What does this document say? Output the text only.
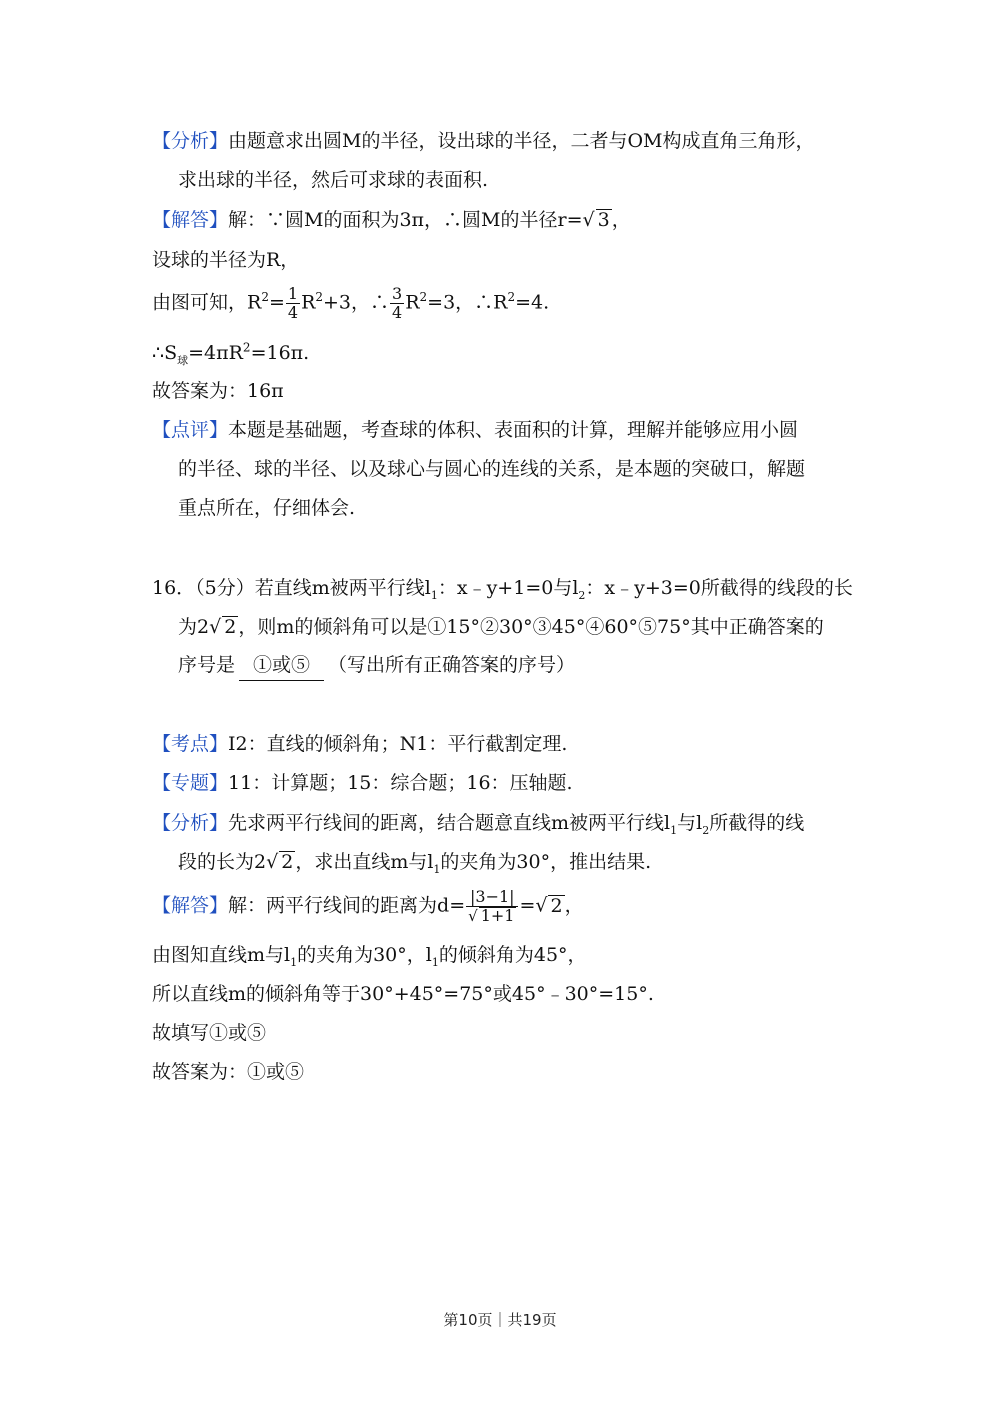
【分析】由题意求出圆M的半径，设出球的半径，二者与OM构成直角三角形，
求出球的半径，然后可求球的表面积.
【解答】解：∵圆M的面积为3π，∴圆M的半径r=√ 3 ，
设球的半径为R，
由图可知，$R^2= \frac{1}{4} R^2+3$，∴ $\frac{3}{4} R^2=3$，$\therefore R^2=4$.
$\therefore S_球=4\pi R^2=16\pi$.
故答案为：16π
【点评】本题是基础题，考查球的体积、表面积的计算，理解并能够应用小圆
的半径、球的半径、以及球心与圆心的连线的关系，是本题的突破口，解题
重点所在，仔细体会.
16．（5分）若直线m被两平行线$l_1$：x﹣y+1=0与$l_2$：x﹣y+3=0所截得的线段的长
为2√ 2 ，则m的倾斜角可以是①15°②30°③45°④60°⑤75°其中正确答案的
序号是 ①或⑤ （写出所有正确答案的序号）
【考点】I2：直线的倾斜角；N1：平行截割定理.
【专题】11：计算题；15：综合题；16：压轴题.
【分析】先求两平行线间的距离，结合题意直线m被两平行线$l_1$与$l_2$所截得的线
段的长为2√ 2 ，求出直线m与$l_1$的夹角为30°，推出结果.
【解答】解：两平行线间的距离为$d= \frac{|3-1|}{√ 1+1}$ =√ 2 ，
由图知直线m与$l_1$的夹角为30°，$l_1$的倾斜角为45°，
所以直线m的倾斜角等于30°+45°=75°或45°﹣30°=15°.
故填写①或⑤
故答案为：①或⑤
第10页｜共19页
